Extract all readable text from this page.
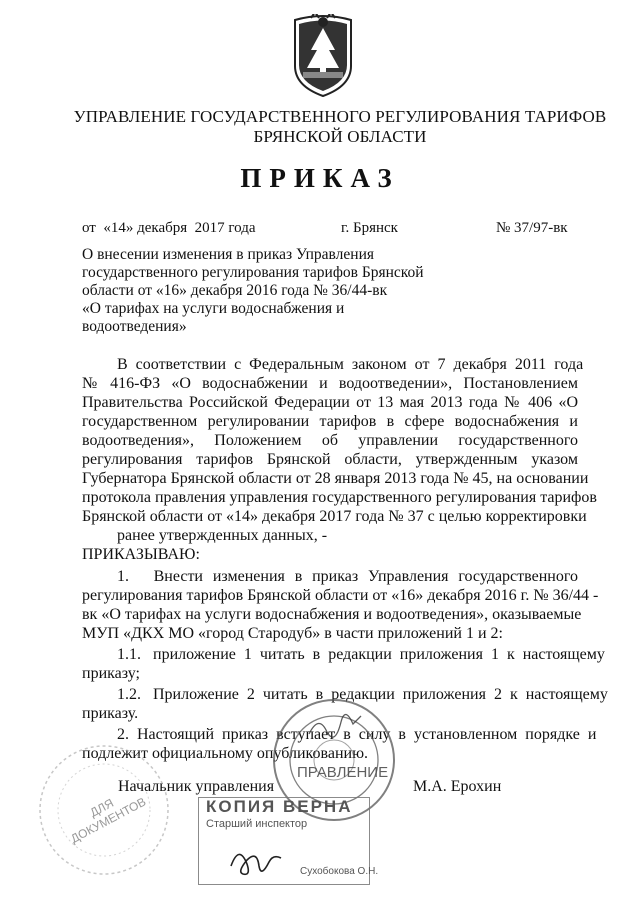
УПРАВЛЕНИЕ ГОСУДАРСТВЕННОГО РЕГУЛИРОВАНИЯ ТАРИФОВ
БРЯНСКОЙ ОБЛАСТИ
ПРИКАЗ
от  «14» декабря  2017 года	г. Брянск	№ 37/97-вк
О внесении изменения в приказ Управления
государственного регулирования тарифов Брянской
области от «16» декабря 2016 года № 36/44-вк
«О тарифах на услуги водоснабжения и
водоотведения»
В  соответствии  с  Федеральным  законом  от  7  декабря  2011  года
№  416-ФЗ  «О  водоснабжении  и  водоотведении»,  Постановлением
Правительства Российской Федерации от 13 мая 2013 года № 406 «О
государственном  регулировании  тарифов  в  сфере  водоснабжения  и
водоотведения»,   Положением   об   управлении   государственного
регулирования   тарифов   Брянской   области,   утвержденным   указом
Губернатора Брянской области от 28 января 2013 года № 45, на основании
протокола правления управления государственного регулирования тарифов
Брянской области от «14» декабря 2017 года № 37 с целью корректировки
ранее утвержденных данных, -
ПРИКАЗЫВАЮ:
1.     Внести  изменения  в  приказ  Управления  государственного
регулирования тарифов Брянской области от «16» декабря 2016 г. № 36/44 -
вк «О тарифах на услуги водоснабжения и водоотведения», оказываемые
МУП «ДКХ МО «город Стародуб» в части приложений 1 и 2:
1.1.   приложение  1  читать  в  редакции  приложения  1  к  настоящему
приказу;
1.2.   Приложение  2  читать  в  редакции  приложения  2  к  настоящему
приказу.
2.  Настоящий  приказ  вступает  в  силу  в  установленном  порядке  и
подлежит официальному опубликованию.
Начальник управления	М.А. Ерохин
ПРАВЛЕНИЕ
ДЛЯ ДОКУМЕНТОВ	КОПИЯ ВЕРНА
Старший инспектор
Сухобокова О.Н.
